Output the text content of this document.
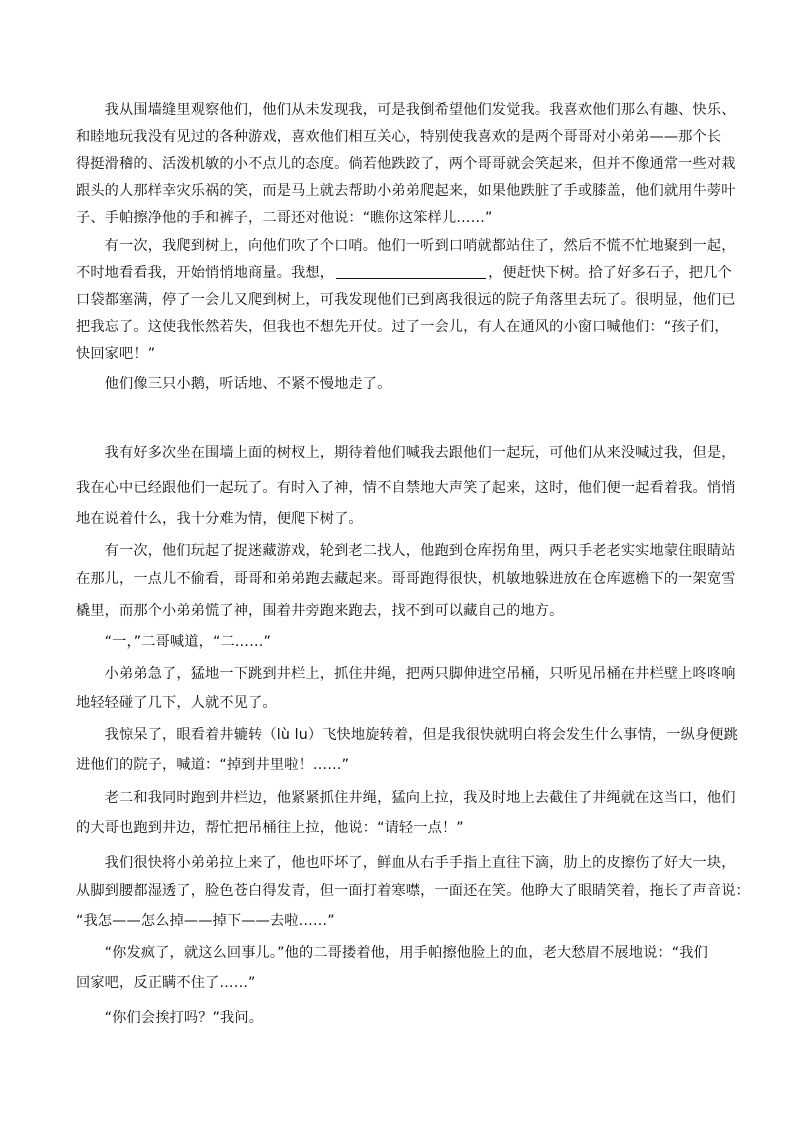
　　我从围墙缝里观察他们，他们从未发现我，可是我倒希望他们发觉我。我喜欢他们那么有趣、快乐、
和睦地玩我没有见过的各种游戏，喜欢他们相互关心，特别使我喜欢的是两个哥哥对小弟弟——那个长
得挺滑稽的、活泼机敏的小不点儿的态度。倘若他跌跤了，两个哥哥就会笑起来，但并不像通常一些对栽
跟头的人那样幸灾乐祸的笑，而是马上就去帮助小弟弟爬起来，如果他跌脏了手或膝盖，他们就用牛蒡叶
子、手帕擦净他的手和裤子，二哥还对他说：“瞧你这笨样儿……”
　　有一次，我爬到树上，向他们吹了个口哨。他们一听到口哨就都站住了，然后不慌不忙地聚到一起，
不时地看看我，开始悄悄地商量。我想，	，便赶快下树。拾了好多石子，把几个
口袋都塞满，停了一会儿又爬到树上，可我发现他们已到离我很远的院子角落里去玩了。很明显，他们已
把我忘了。这使我怅然若失，但我也不想先开仗。过了一会儿，有人在通风的小窗口喊他们：“孩子们，
快回家吧！”
　　他们像三只小鹅，听话地、不紧不慢地走了。
　　我有好多次坐在围墙上面的树杈上，期待着他们喊我去跟他们一起玩，可他们从来没喊过我，但是，
我在心中已经跟他们一起玩了。有时入了神，情不自禁地大声笑了起来，这时，他们便一起看着我。悄悄
地在说着什么，我十分难为情，便爬下树了。
　　有一次，他们玩起了捉迷藏游戏，轮到老二找人，他跑到仓库拐角里，两只手老老实实地蒙住眼睛站
在那儿，一点儿不偷看，哥哥和弟弟跑去藏起来。哥哥跑得很快，机敏地躲进放在仓库遮檐下的一架宽雪
橇里，而那个小弟弟慌了神，围着井旁跑来跑去，找不到可以藏自己的地方。
　　“一，”二哥喊道，“二……”
　　小弟弟急了，猛地一下跳到井栏上，抓住井绳，把两只脚伸进空吊桶，只听见吊桶在井栏壁上咚咚响
地轻轻碰了几下，人就不见了。
　　我惊呆了，眼看着井辘转（lù lu）飞快地旋转着，但是我很快就明白将会发生什么事情，一纵身便跳
进他们的院子，喊道：“掉到井里啦！……”
　　老二和我同时跑到井栏边，他紧紧抓住井绳，猛向上拉，我及时地上去截住了井绳就在这当口，他们
的大哥也跑到井边，帮忙把吊桶往上拉，他说：“请轻一点！”
　　我们很快将小弟弟拉上来了，他也吓坏了，鲜血从右手手指上直往下滴，肋上的皮擦伤了好大一块，
从脚到腰都湿透了，脸色苍白得发青，但一面打着寒噤，一面还在笑。他睁大了眼睛笑着，拖长了声音说：
“我怎——怎么掉——掉下——去啦……”
　　“你发疯了，就这么回事儿。”他的二哥搂着他，用手帕擦他脸上的血，老大愁眉不展地说：“我们
回家吧，反正瞒不住了……”
　　“你们会挨打吗？”我问。
